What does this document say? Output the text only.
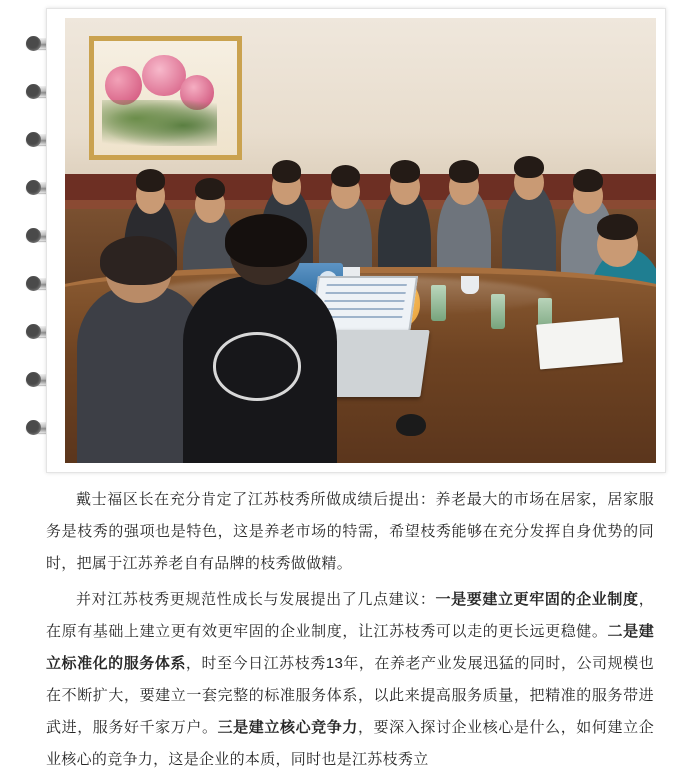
戴士福区长在充分肯定了江苏枝秀所做成绩后提出：养老最大的市场在居家，居家服务是枝秀的强项也是特色，这是养老市场的特需，希望枝秀能够在充分发挥自身优势的同时，把属于江苏养老自有品牌的枝秀做做精。

并对江苏枝秀更规范性成长与发展提出了几点建议：一是要建立更牢固的企业制度，在原有基础上建立更有效更牢固的企业制度，让江苏枝秀可以走的更长远更稳健。二是建立标准化的服务体系，时至今日江苏枝秀13年，在养老产业发展迅猛的同时，公司规模也在不断扩大，要建立一套完整的标准服务体系，以此来提高服务质量，把精准的服务带进武进，服务好千家万户。三是建立核心竞争力，要深入探讨企业核心是什么，如何建立企业核心的竞争力，这是企业的本质，同时也是江苏枝秀立
